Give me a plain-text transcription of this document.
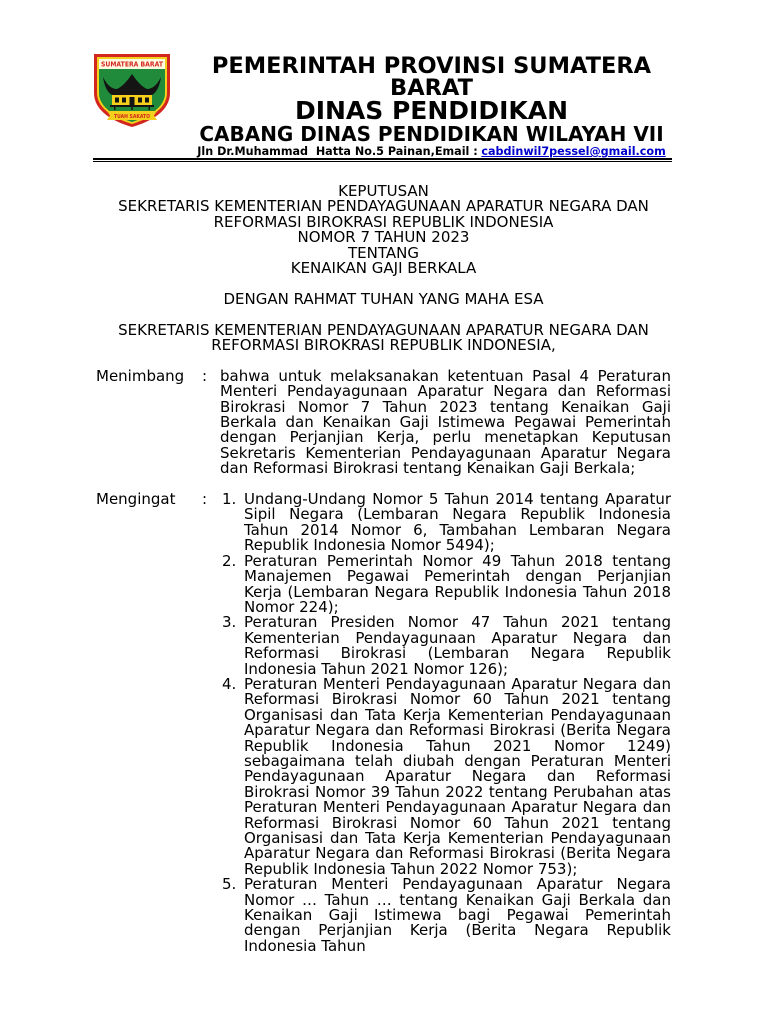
SUMATERA BARAT
TUAH SAKATO
PEMERINTAH PROVINSI SUMATERA BARAT
DINAS PENDIDIKAN
CABANG DINAS PENDIDIKAN WILAYAH VII
Jln Dr.Muhammad  Hatta No.5 Painan,Email : cabdinwil7pessel@gmail.com
KEPUTUSAN
SEKRETARIS KEMENTERIAN PENDAYAGUNAAN APARATUR NEGARA DAN REFORMASI BIROKRASI REPUBLIK INDONESIA
NOMOR 7 TAHUN 2023
TENTANG
KENAIKAN GAJI BERKALA
DENGAN RAHMAT TUHAN YANG MAHA ESA
SEKRETARIS KEMENTERIAN PENDAYAGUNAAN APARATUR NEGARA DAN REFORMASI BIROKRASI REPUBLIK INDONESIA,
Menimbang : bahwa untuk melaksanakan ketentuan Pasal 4 Peraturan Menteri Pendayagunaan Aparatur Negara dan Reformasi Birokrasi Nomor 7 Tahun 2023 tentang Kenaikan Gaji Berkala dan Kenaikan Gaji Istimewa Pegawai Pemerintah dengan Perjanjian Kerja, perlu menetapkan Keputusan Sekretaris Kementerian Pendayagunaan Aparatur Negara dan Reformasi Birokrasi tentang Kenaikan Gaji Berkala;

Mengingat : 1. Undang-Undang Nomor 5 Tahun 2014 tentang Aparatur Sipil Negara (Lembaran Negara Republik Indonesia Tahun 2014 Nomor 6, Tambahan Lembaran Negara Republik Indonesia Nomor 5494);
2. Peraturan Pemerintah Nomor 49 Tahun 2018 tentang Manajemen Pegawai Pemerintah dengan Perjanjian Kerja (Lembaran Negara Republik Indonesia Tahun 2018 Nomor 224);
3. Peraturan Presiden Nomor 47 Tahun 2021 tentang Kementerian Pendayagunaan Aparatur Negara dan Reformasi Birokrasi (Lembaran Negara Republik Indonesia Tahun 2021 Nomor 126);
4. Peraturan Menteri Pendayagunaan Aparatur Negara dan Reformasi Birokrasi Nomor 60 Tahun 2021 tentang Organisasi dan Tata Kerja Kementerian Pendayagunaan Aparatur Negara dan Reformasi Birokrasi (Berita Negara Republik Indonesia Tahun 2021 Nomor 1249) sebagaimana telah diubah dengan Peraturan Menteri Pendayagunaan Aparatur Negara dan Reformasi Birokrasi Nomor 39 Tahun 2022 tentang Perubahan atas Peraturan Menteri Pendayagunaan Aparatur Negara dan Reformasi Birokrasi Nomor 60 Tahun 2021 tentang Organisasi dan Tata Kerja Kementerian Pendayagunaan Aparatur Negara dan Reformasi Birokrasi (Berita Negara Republik Indonesia Tahun 2022 Nomor 753);
5. Peraturan Menteri Pendayagunaan Aparatur Negara Nomor … Tahun … tentang Kenaikan Gaji Berkala dan Kenaikan Gaji Istimewa bagi Pegawai Pemerintah dengan Perjanjian Kerja (Berita Negara Republik Indonesia Tahun
